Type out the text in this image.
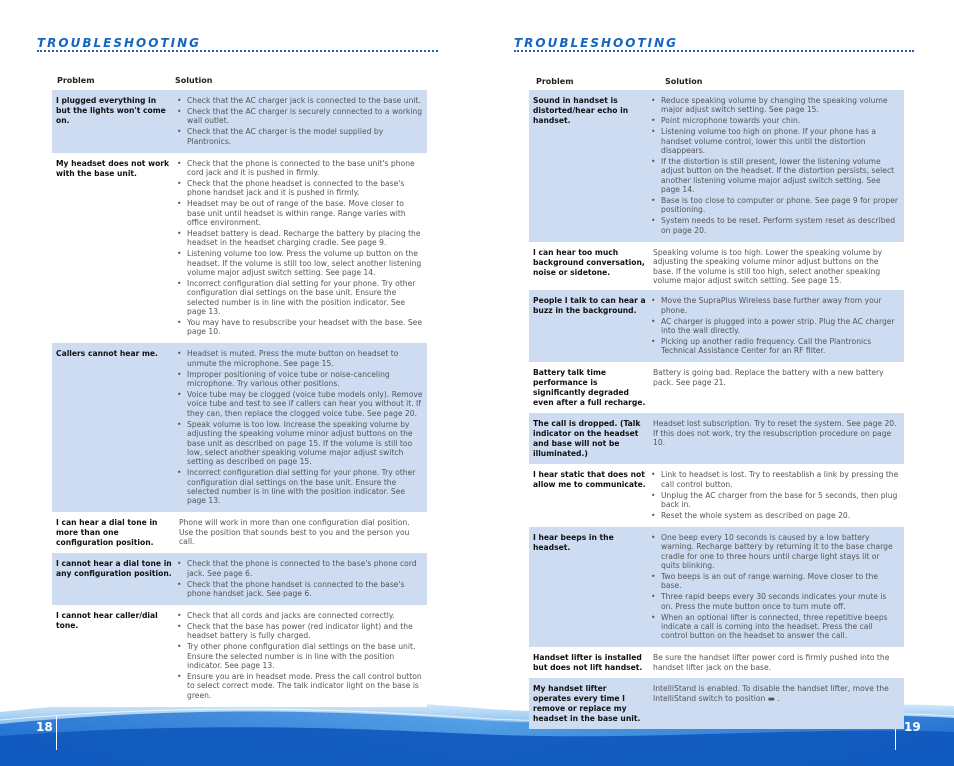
18	19
TROUBLESHOOTING
Problem	Solution
I plugged everything in but the lights won't come on.
• Check that the AC charger jack is connected to the base unit.
• Check that the AC charger is securely connected to a working wall outlet.
• Check that the AC charger is the model supplied by Plantronics.
My headset does not work with the base unit.
• Check that the phone is connected to the base unit's phone cord jack and it is pushed in firmly.
• Check that the phone headset is connected to the base's phone handset jack and it is pushed in firmly.
• Headset may be out of range of the base. Move closer to base unit until headset is within range. Range varies with office environment.
• Headset battery is dead. Recharge the battery by placing the headset in the headset charging cradle. See page 9.
• Listening volume too low. Press the volume up button on the headset. If the volume is still too low, select another listening volume major adjust switch setting. See page 14.
• Incorrect configuration dial setting for your phone. Try other configuration dial settings on the base unit. Ensure the selected number is in line with the position indicator. See page 13.
• You may have to resubscribe your headset with the base. See page 10.
Callers cannot hear me.
•	Headset is muted. Press the mute button on headset to unmute the microphone. See page 15.
• Improper positioning of voice tube or noise-canceling microphone. Try various other positions.
• Voice tube may be clogged (voice tube models only). Remove voice tube and test to see if callers can hear you without it. If they can, then replace the clogged voice tube. See page 20.
• Speak volume is too low. Increase the speaking volume by adjusting the speaking volume minor adjust buttons on the base unit as described on page 15. If the volume is still too low, select another speaking volume major adjust switch setting as described on page 15.
• Incorrect configuration dial setting for your phone. Try other configuration dial settings on the base unit. Ensure the selected number is in line with the position indicator. See page 13.
I can hear a dial tone in more than one configuration position.

Phone will work in more than one configuration dial position. Use the position that sounds best to you and the person you call.

I cannot hear a dial tone in any configuration position.
• Check that the phone is connected to the base's phone cord jack. See page 6.
• Check that the phone handset is connected to the base's phone handset jack. See page 6.
I cannot hear caller/dial tone.
• Check that all cords and jacks are connected correctly.
• Check that the base has power (red indicator light) and the headset battery is fully charged.
• Try other phone configuration dial settings on the base unit. Ensure the selected number is in line with the position indicator. See page 13.
• Ensure you are in headset mode. Press the call control button to select correct mode. The talk indicator light on the base is green.
TROUBLESHOOTING
Problem	Solution
Sound in handset is distorted/hear echo in handset.
• Reduce speaking volume by changing the speaking volume major adjust switch setting. See page 15.
• Point microphone towards your chin.
• Listening volume too high on phone. If your phone has a handset volume control, lower this until the distortion disappears.
• If the distortion is still present, lower the listening volume adjust button on the headset. If the distortion persists, select another listening volume major adjust switch setting. See page 14.
• Base is too close to computer or phone. See page 9 for proper positioning.
• System needs to be reset. Perform system reset as described on page 20.
I can hear too much background conversation, noise or sidetone.

Speaking volume is too high. Lower the speaking volume by adjusting the speaking volume minor adjust buttons on the base. If the volume is still too high, select another speaking volume major adjust switch setting. See page 15.

People I talk to can hear a buzz in the background.
• Move the SupraPlus Wireless base further away from your phone.
• AC charger is plugged into a power strip. Plug the AC charger into the wall directly.
• Picking up another radio frequency. Call the Plantronics Technical Assistance Center for an RF filter.
Battery talk time performance is significantly degraded even after a full recharge.

Battery is going bad. Replace the battery with a new battery pack. See page 21.

The call is dropped. (Talk indicator on the headset and base will not be illuminated.)

Headset lost subscription. Try to reset the system. See page 20. If this does not work, try the resubscription procedure on page 10.

I hear static that does not allow me to communicate.
• Link to headset is lost. Try to reestablish a link by pressing the call control button.
• Unplug the AC charger from the base for 5 seconds, then plug back in.
• Reset the whole system as described on page 20.
I hear beeps in the headset.
• One beep every 10 seconds is caused by a low battery warning. Recharge battery by returning it to the base charge cradle for one to three hours until charge light stays lit or quits blinking.
• Two beeps is an out of range warning. Move closer to the base.
• Three rapid beeps every 30 seconds indicates your mute is on. Press the mute button once to turn mute off.
• When an optional lifter is connected, three repetitive beeps indicate a call is coming into the headset. Press the call control button on the headset to answer the call.
Handset lifter is installed but does not lift handset.

Be sure the handset lifter power cord is firmly pushed into the handset lifter jack on the base.

My handset lifter operates every time I remove or replace my headset in the base unit.

IntelliStand is enabled. To disable the handset lifter, move the IntelliStand switch to position ▬ .
